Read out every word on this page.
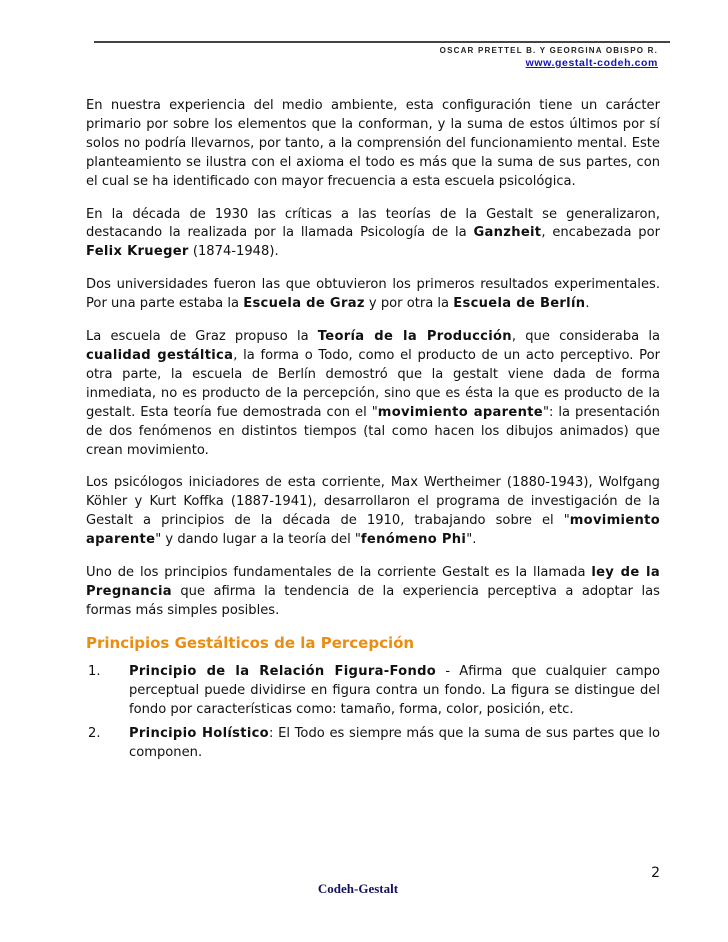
OSCAR PRETTEL B. Y GEORGINA OBISPO R.
www.gestalt-codeh.com

En nuestra experiencia del medio ambiente, esta configuración tiene un carácter primario por sobre los elementos que la conforman, y la suma de estos últimos por sí solos no podría llevarnos, por tanto, a la comprensión del funcionamiento mental. Este planteamiento se ilustra con el axioma el todo es más que la suma de sus partes, con el cual se ha identificado con mayor frecuencia a esta escuela psicológica.

En la década de 1930 las críticas a las teorías de la Gestalt se generalizaron, destacando la realizada por la llamada Psicología de la Ganzheit, encabezada por Felix Krueger (1874-1948).

Dos universidades fueron las que obtuvieron los primeros resultados experimentales. Por una parte estaba la Escuela de Graz y por otra la Escuela de Berlín.

La escuela de Graz propuso la Teoría de la Producción, que consideraba la cualidad gestáltica, la forma o Todo, como el producto de un acto perceptivo. Por otra parte, la escuela de Berlín demostró que la gestalt viene dada de forma inmediata, no es producto de la percepción, sino que es ésta la que es producto de la gestalt. Esta teoría fue demostrada con el "movimiento aparente": la presentación de dos fenómenos en distintos tiempos (tal como hacen los dibujos animados) que crean movimiento.

Los psicólogos iniciadores de esta corriente, Max Wertheimer (1880-1943), Wolfgang Köhler y Kurt Koffka (1887-1941), desarrollaron el programa de investigación de la Gestalt a principios de la década de 1910, trabajando sobre el "movimiento aparente" y dando lugar a la teoría del "fenómeno Phi".

Uno de los principios fundamentales de la corriente Gestalt es la llamada ley de la Pregnancia que afirma la tendencia de la experiencia perceptiva a adoptar las formas más simples posibles.

Principios Gestálticos de la Percepción
1.	Principio de la Relación Figura-Fondo - Afirma que cualquier campo perceptual puede dividirse en figura contra un fondo. La figura se distingue del fondo por características como: tamaño, forma, color, posición, etc.
2.	Principio Holístico: El Todo es siempre más que la suma de sus partes que lo componen.
2
Codeh-Gestalt
